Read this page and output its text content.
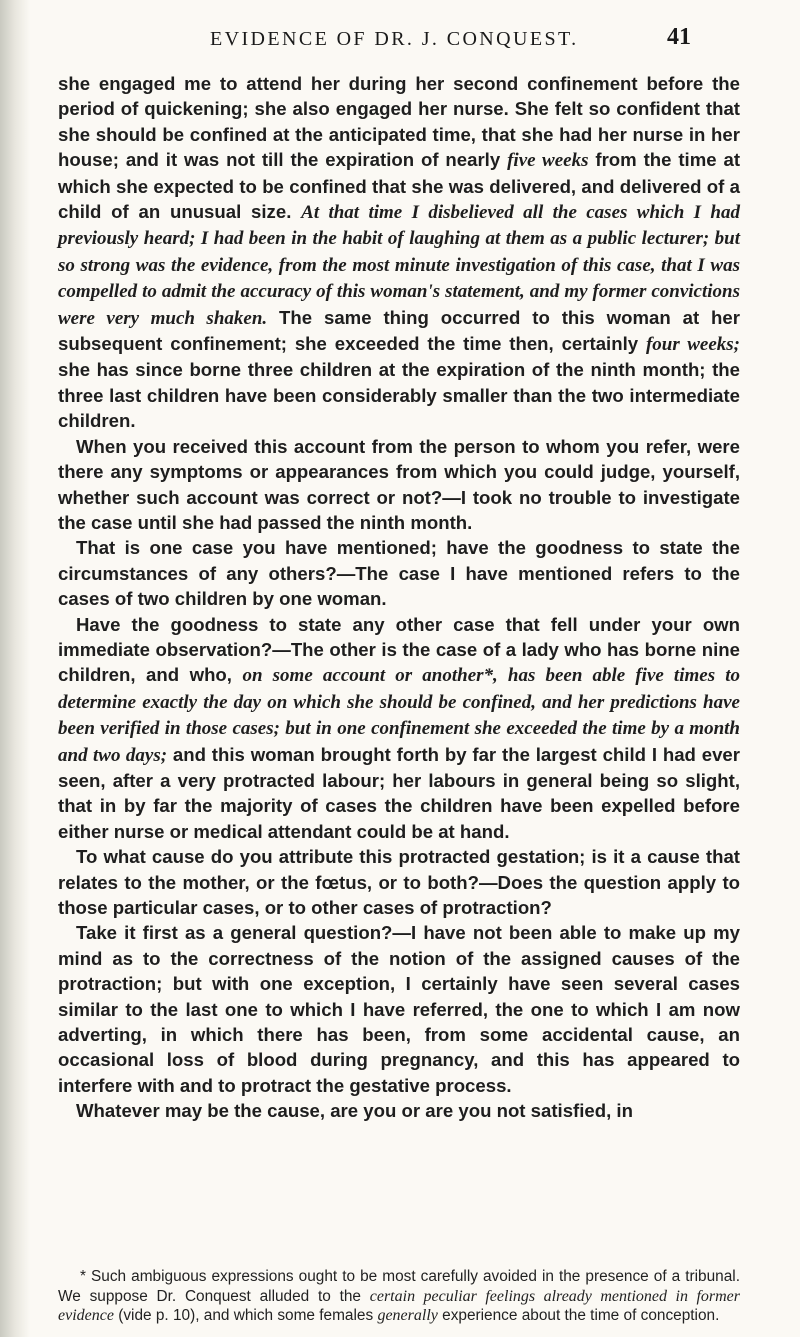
EVIDENCE OF DR. J. CONQUEST.	41

she engaged me to attend her during her second confinement before the period of quickening; she also engaged her nurse. She felt so confident that she should be confined at the anticipated time, that she had her nurse in her house; and it was not till the expiration of nearly five weeks from the time at which she expected to be confined that she was delivered, and delivered of a child of an unusual size. At that time I disbelieved all the cases which I had previously heard; I had been in the habit of laughing at them as a public lecturer; but so strong was the evidence, from the most minute investigation of this case, that I was compelled to admit the accuracy of this woman's statement, and my former convictions were very much shaken. The same thing occurred to this woman at her subsequent confinement; she exceeded the time then, certainly four weeks; she has since borne three children at the expiration of the ninth month; the three last children have been considerably smaller than the two intermediate children.

When you received this account from the person to whom you refer, were there any symptoms or appearances from which you could judge, yourself, whether such account was correct or not?—I took no trouble to investigate the case until she had passed the ninth month.

That is one case you have mentioned; have the goodness to state the circumstances of any others?—The case I have mentioned refers to the cases of two children by one woman.

Have the goodness to state any other case that fell under your own immediate observation?—The other is the case of a lady who has borne nine children, and who, on some account or another*, has been able five times to determine exactly the day on which she should be confined, and her predictions have been verified in those cases; but in one confinement she exceeded the time by a month and two days; and this woman brought forth by far the largest child I had ever seen, after a very protracted labour; her labours in general being so slight, that in by far the majority of cases the children have been expelled before either nurse or medical attendant could be at hand.

To what cause do you attribute this protracted gestation; is it a cause that relates to the mother, or the fœtus, or to both?—Does the question apply to those particular cases, or to other cases of protraction?

Take it first as a general question?—I have not been able to make up my mind as to the correctness of the notion of the assigned causes of the protraction; but with one exception, I certainly have seen several cases similar to the last one to which I have referred, the one to which I am now adverting, in which there has been, from some accidental cause, an occasional loss of blood during pregnancy, and this has appeared to interfere with and to protract the gestative process.

Whatever may be the cause, are you or are you not satisfied, in

* Such ambiguous expressions ought to be most carefully avoided in the presence of a tribunal. We suppose Dr. Conquest alluded to the certain peculiar feelings already mentioned in former evidence (vide p. 10), and which some females generally experience about the time of conception.
